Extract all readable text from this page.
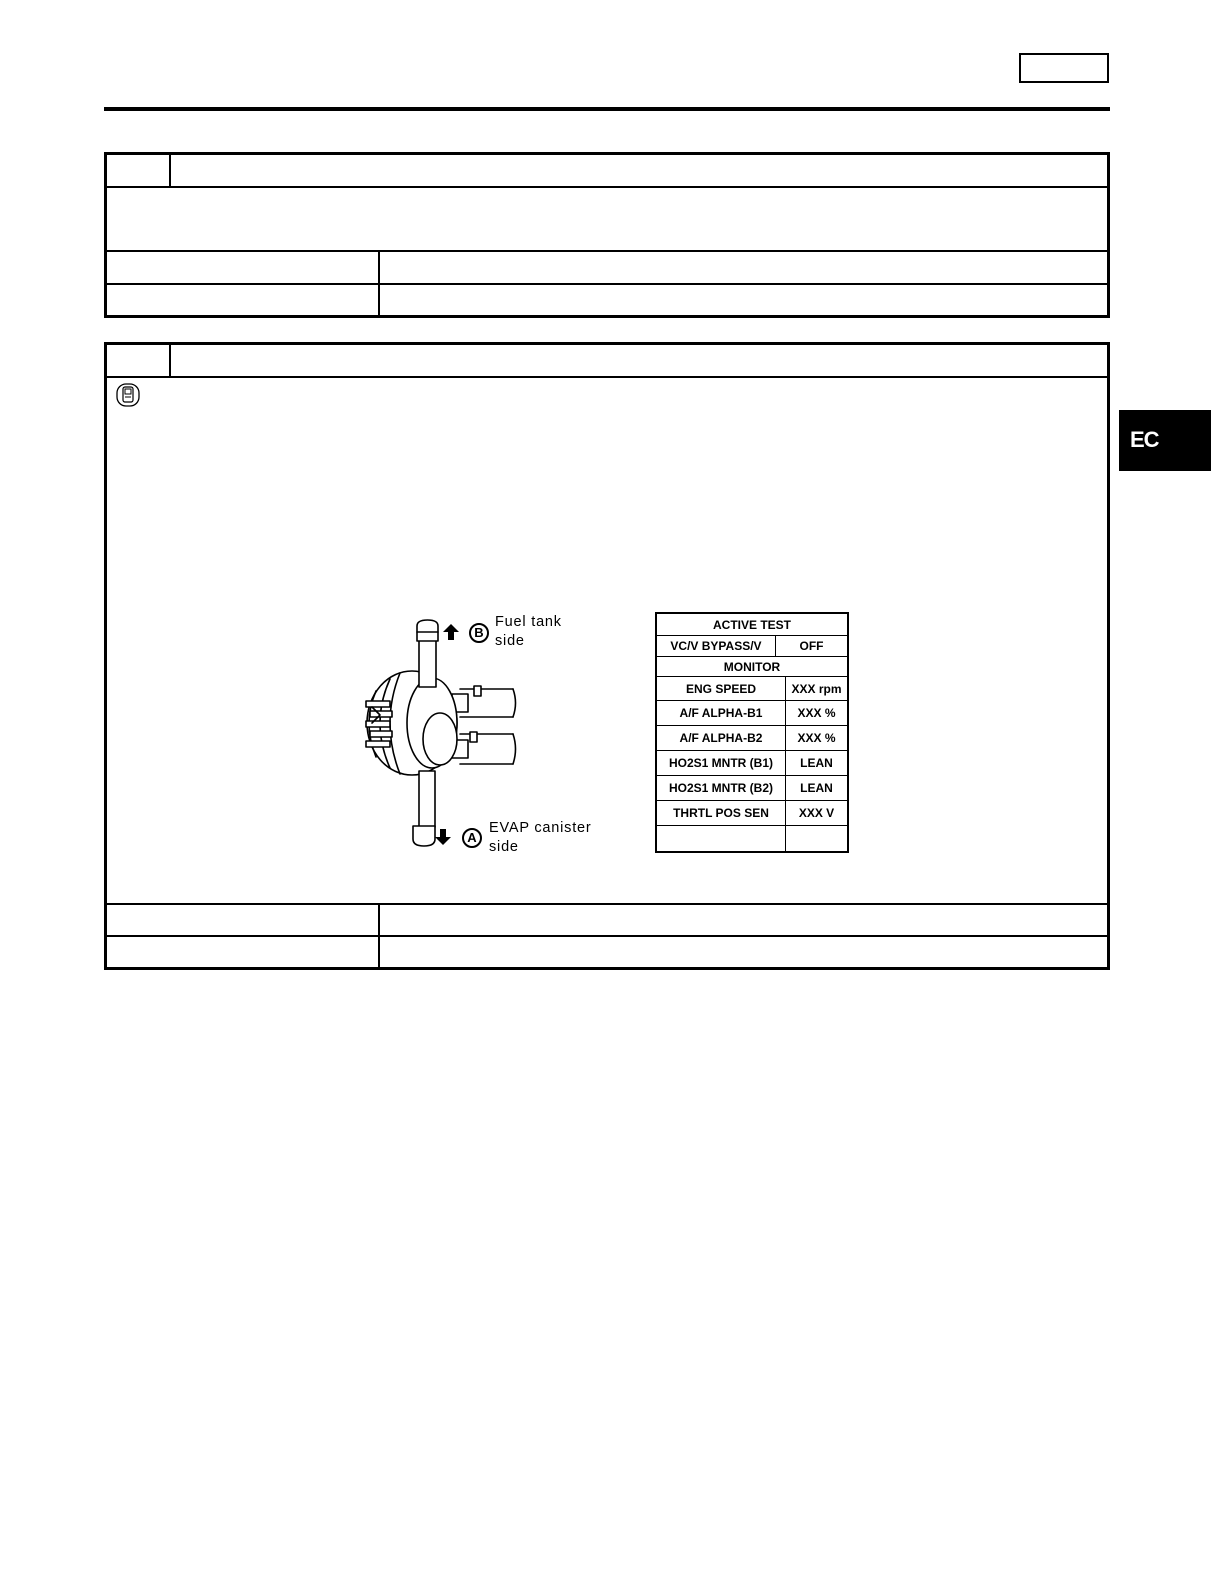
B
Fuel tank
side
A
EVAP canister
side
ACTIVE TEST
VC/V BYPASS/V	OFF
MONITOR
ENG SPEED	XXX rpm
A/F ALPHA-B1	XXX %
A/F ALPHA-B2	XXX %
HO2S1 MNTR (B1)	LEAN
HO2S1 MNTR (B2)	LEAN
THRTL POS SEN	XXX V
EC
